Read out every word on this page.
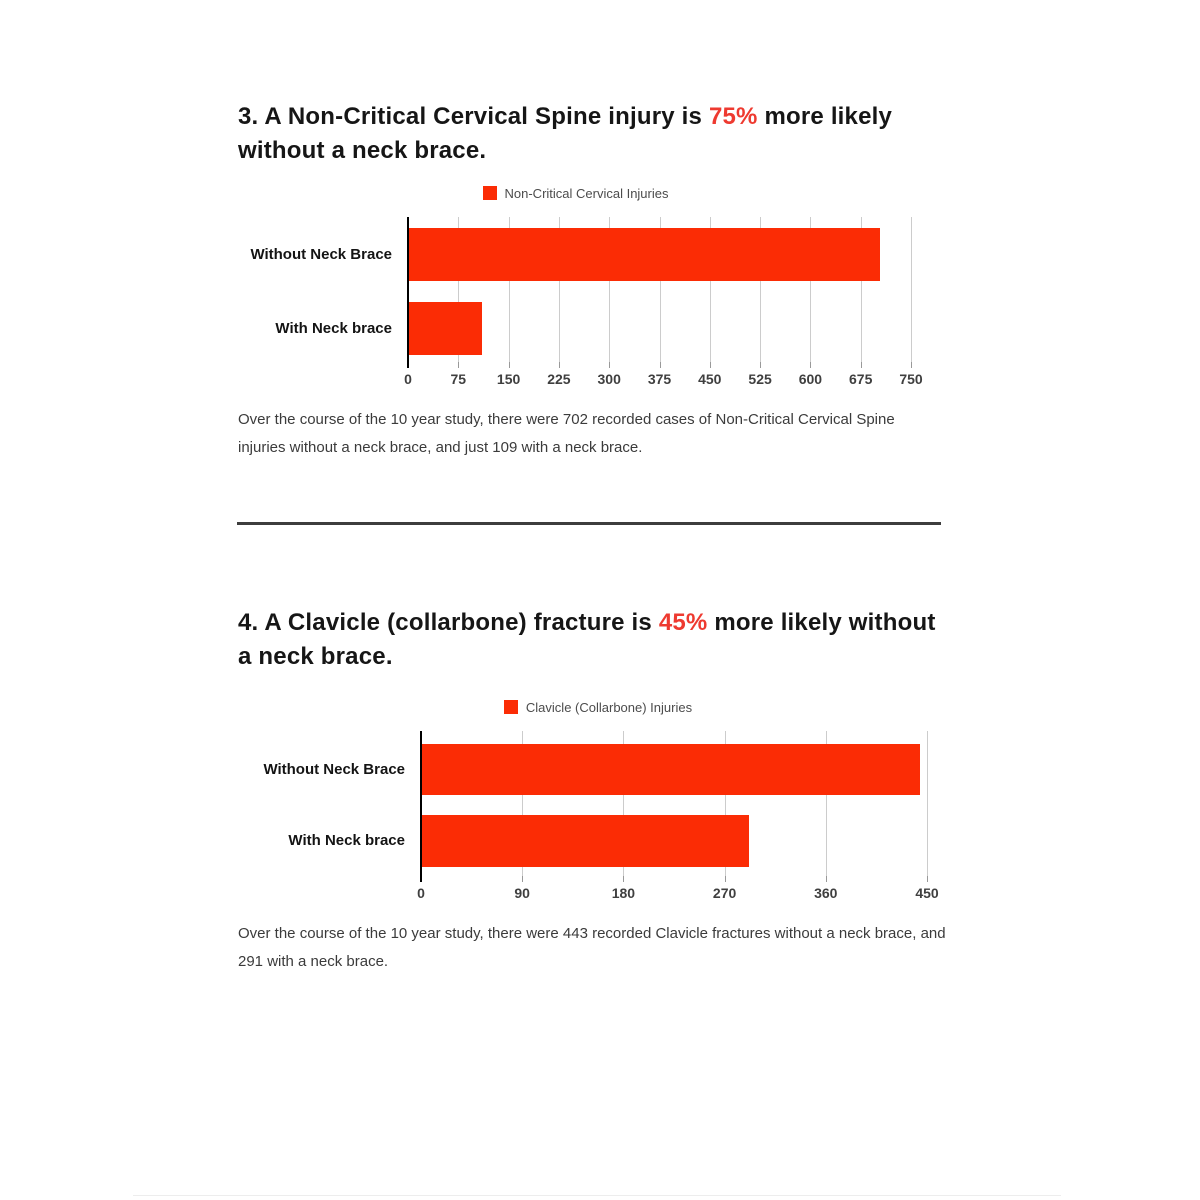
3. A Non-Critical Cervical Spine injury is 75% more likely without a neck brace.
Non-Critical Cervical Injuries
0	75	150	225	300	375	450	525	600	675	750
Without Neck Brace
With Neck brace

Over the course of the 10 year study, there were 702 recorded cases of Non-Critical Cervical Spine injuries without a neck brace, and just 109 with a neck brace.

4. A Clavicle (collarbone) fracture is 45% more likely without a neck brace.
Clavicle (Collarbone) Injuries
0	90	180	270	360	450
Without Neck Brace
With Neck brace

Over the course of the 10 year study, there were 443 recorded Clavicle fractures without a neck brace, and 291 with a neck brace.
